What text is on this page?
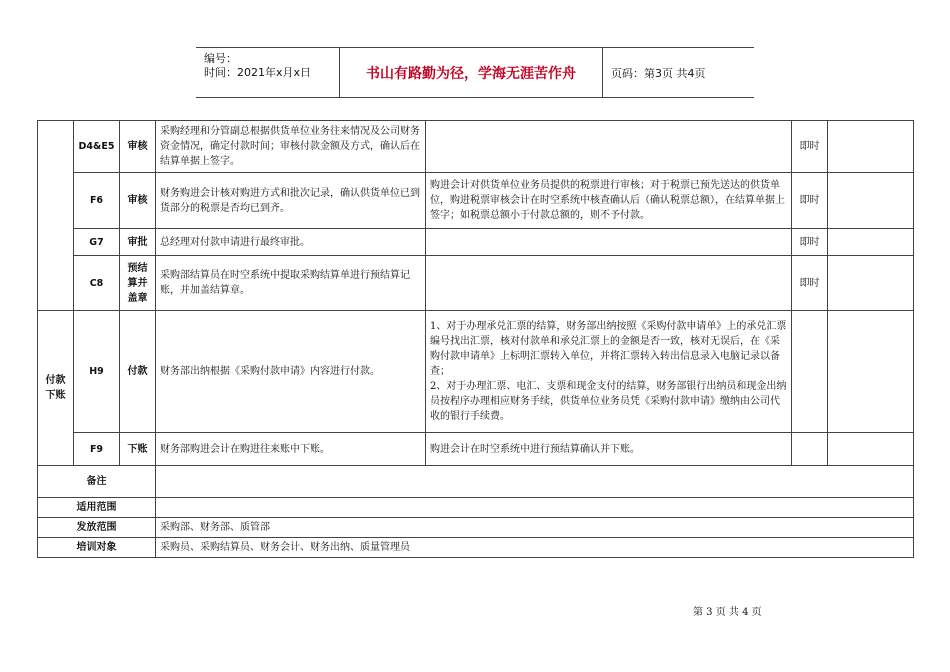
编号：
时间：2021年x月x日	书山有路勤为径，学海无涯苦作舟	页码：第3页 共4页
	D4&E5	审核	采购经理和分管副总根据供货单位业务往来情况及公司财务资金情况，确定付款时间；审核付款金额及方式，确认后在结算单据上签字。		即时	
	F6	审核	财务购进会计核对购进方式和批次记录，确认供货单位已到货部分的税票是否均已到齐。	购进会计对供货单位业务员提供的税票进行审核；对于税票已预先送达的供货单位，购进税票审核会计在时空系统中核查确认后（确认税票总额），在结算单据上签字；如税票总额小于付款总额的，则不予付款。	即时	
	G7	审批	总经理对付款申请进行最终审批。		即时	
	C8	预结算并盖章	采购部结算员在时空系统中提取采购结算单进行预结算记账，并加盖结算章。		即时	
付款下账	H9	付款	财务部出纳根据《采购付款申请》内容进行付款。	1、对于办理承兑汇票的结算，财务部出纳按照《采购付款申请单》上的承兑汇票编号找出汇票，核对付款单和承兑汇票上的金额是否一致，核对无误后，在《采购付款申请单》上标明汇票转入单位，并将汇票转入转出信息录入电脑记录以备查；
2、对于办理汇票、电汇、支票和现金支付的结算，财务部银行出纳员和现金出纳员按程序办理相应财务手续，供货单位业务员凭《采购付款申请》缴纳由公司代收的银行手续费。		
	F9	下账	财务部购进会计在购进往来账中下账。	购进会计在时空系统中进行预结算确认并下账。		
备注						
适用范围						
发放范围			采购部、财务部、质管部			
培训对象			采购员、采购结算员、财务会计、财务出纳、质量管理员			
第 3 页 共 4 页
